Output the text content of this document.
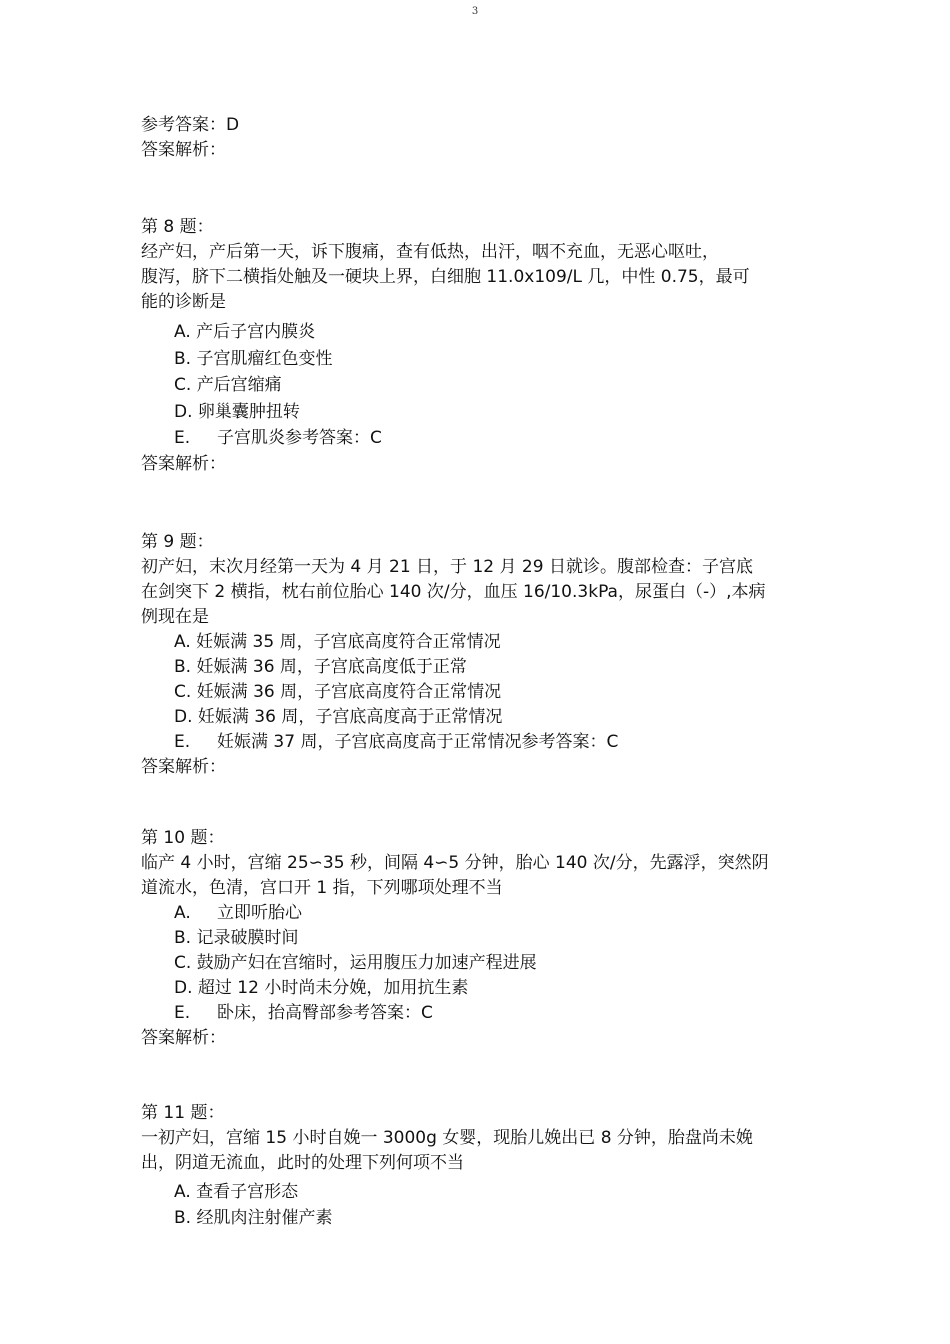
3
参考答案：D
答案解析：
第 8 题：
经产妇，产后第一天，诉下腹痛，查有低热，出汗，咽不充血，无恶心呕吐，
腹泻，脐下二横指处触及一硬块上界，白细胞 11.0x109/L 几，中性 0.75，最可
能的诊断是
A. 产后子宫内膜炎
B. 子宫肌瘤红色变性
C. 产后宫缩痛
D. 卵巢囊肿扭转
E. 子宫肌炎参考答案：C
答案解析：
第 9 题：
初产妇，末次月经第一天为 4 月 21 日，于 12 月 29 日就诊。腹部检查：子宫底
在剑突下 2 横指，枕右前位胎心 140 次/分，血压 16/10.3kPa，尿蛋白（-）,本病
例现在是
A. 妊娠满 35 周，子宫底高度符合正常情况
B. 妊娠满 36 周，子宫底高度低于正常
C. 妊娠满 36 周，子宫底高度符合正常情况
D. 妊娠满 36 周，子宫底高度高于正常情况
E. 妊娠满 37 周，子宫底高度高于正常情况参考答案：C
答案解析：
第 10 题：
临产 4 小时，宫缩 25∽35 秒，间隔 4∽5 分钟，胎心 140 次/分，先露浮，突然阴
道流水，色清，宫口开 1 指，下列哪项处理不当
A. 立即听胎心
B. 记录破膜时间
C. 鼓励产妇在宫缩时，运用腹压力加速产程进展
D. 超过 12 小时尚未分娩，加用抗生素
E. 卧床，抬高臀部参考答案：C
答案解析：
第 11 题：
一初产妇，宫缩 15 小时自娩一 3000g 女婴，现胎儿娩出已 8 分钟，胎盘尚未娩
出，阴道无流血，此时的处理下列何项不当
A. 查看子宫形态
B. 经肌肉注射催产素
